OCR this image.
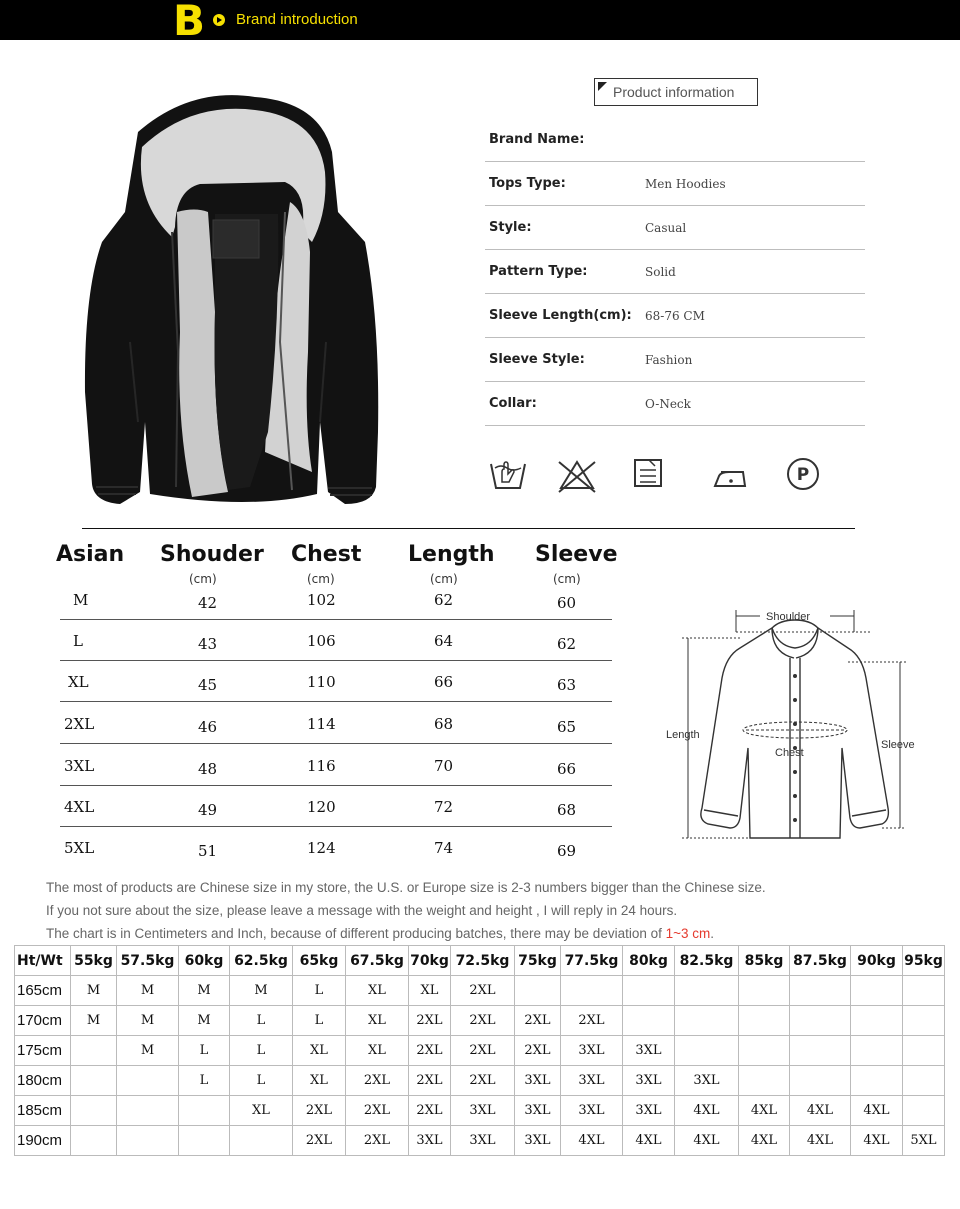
B Brand introduction
Product information
Brand Name:
Tops Type:	Men Hoodies
Style:	Casual
Pattern Type:	Solid
Sleeve Length(cm): 68-76 CM
Sleeve Style:	Fashion
Collar:	O-Neck
P
Asian Shouder Chest Length Sleeve
(cm)	(cm)	(cm)	(cm)
M	42	102	62	60
L	43	106	64	62
XL	45	110	66	63
2XL	46	114	68	65
3XL	48	116	70	66
4XL	49	120	72	68
5XL	51	124	74	69
Shoulder
Length
Chest
Sleeve
The most of products are Chinese size in my store, the U.S. or Europe size is 2-3 numbers bigger than the Chinese size.
If you not sure about the size, please leave a message with the weight and height , I will reply in 24 hours.
The chart is in Centimeters and Inch, because of different producing batches, there may be deviation of 1~3 cm.
Ht/Wt	55kg	57.5kg	60kg	62.5kg	65kg	67.5kg	70kg	72.5kg	75kg	77.5kg	80kg	82.5kg	85kg	87.5kg	90kg	95kg
165cm	M	M	M	M	L	XL	XL	2XL								
170cm	M	M	M	L	L	XL	2XL	2XL	2XL	2XL						
175cm		M	L	L	XL	XL	2XL	2XL	2XL	3XL	3XL					
180cm			L	L	XL	2XL	2XL	2XL	3XL	3XL	3XL	3XL				
185cm				XL	2XL	2XL	2XL	3XL	3XL	3XL	3XL	4XL	4XL	4XL	4XL	
190cm					2XL	2XL	3XL	3XL	3XL	4XL	4XL	4XL	4XL	4XL	4XL	5XL
